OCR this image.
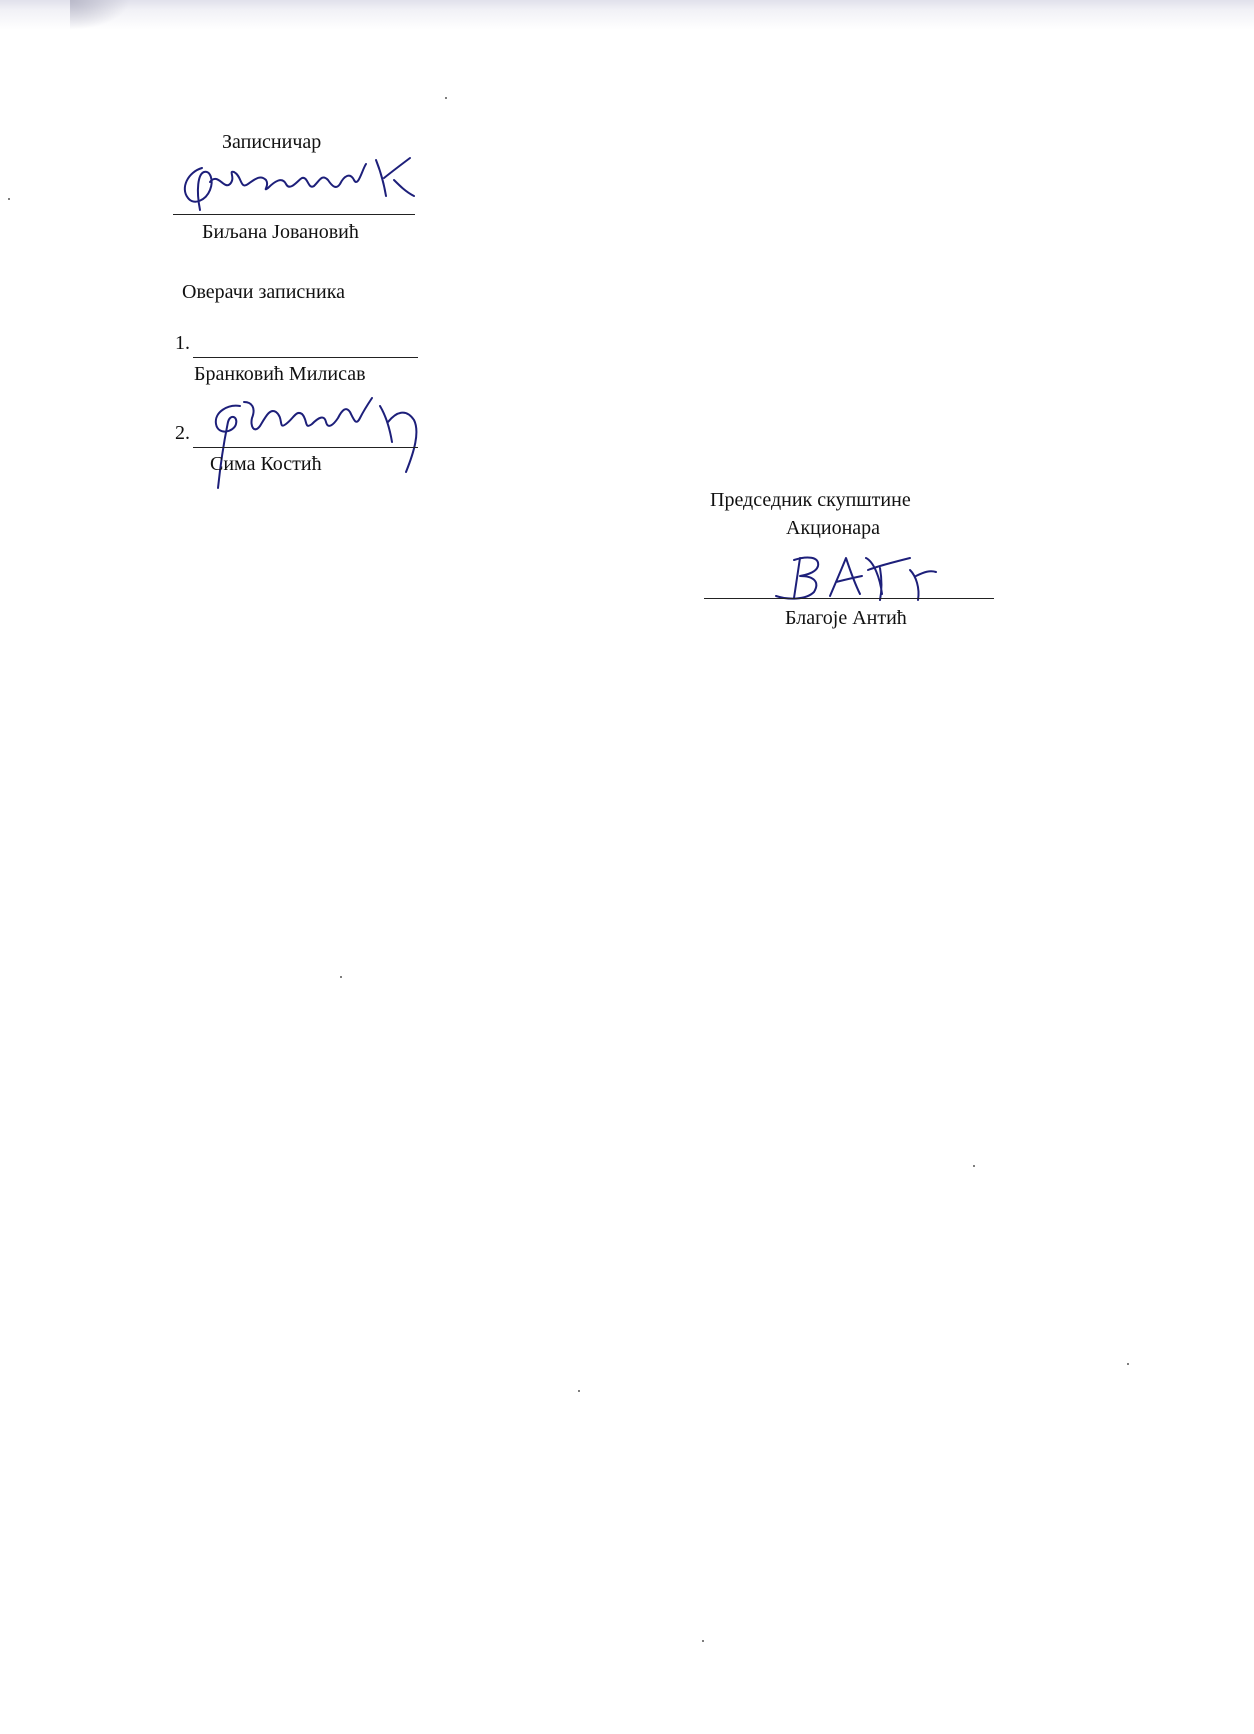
Записничар
Биљана Јовановић
Оверачи записника
1.
Бранковић Милисав
2.
Сима Костић
Председник скупштине
Акционара
Благоје Антић
